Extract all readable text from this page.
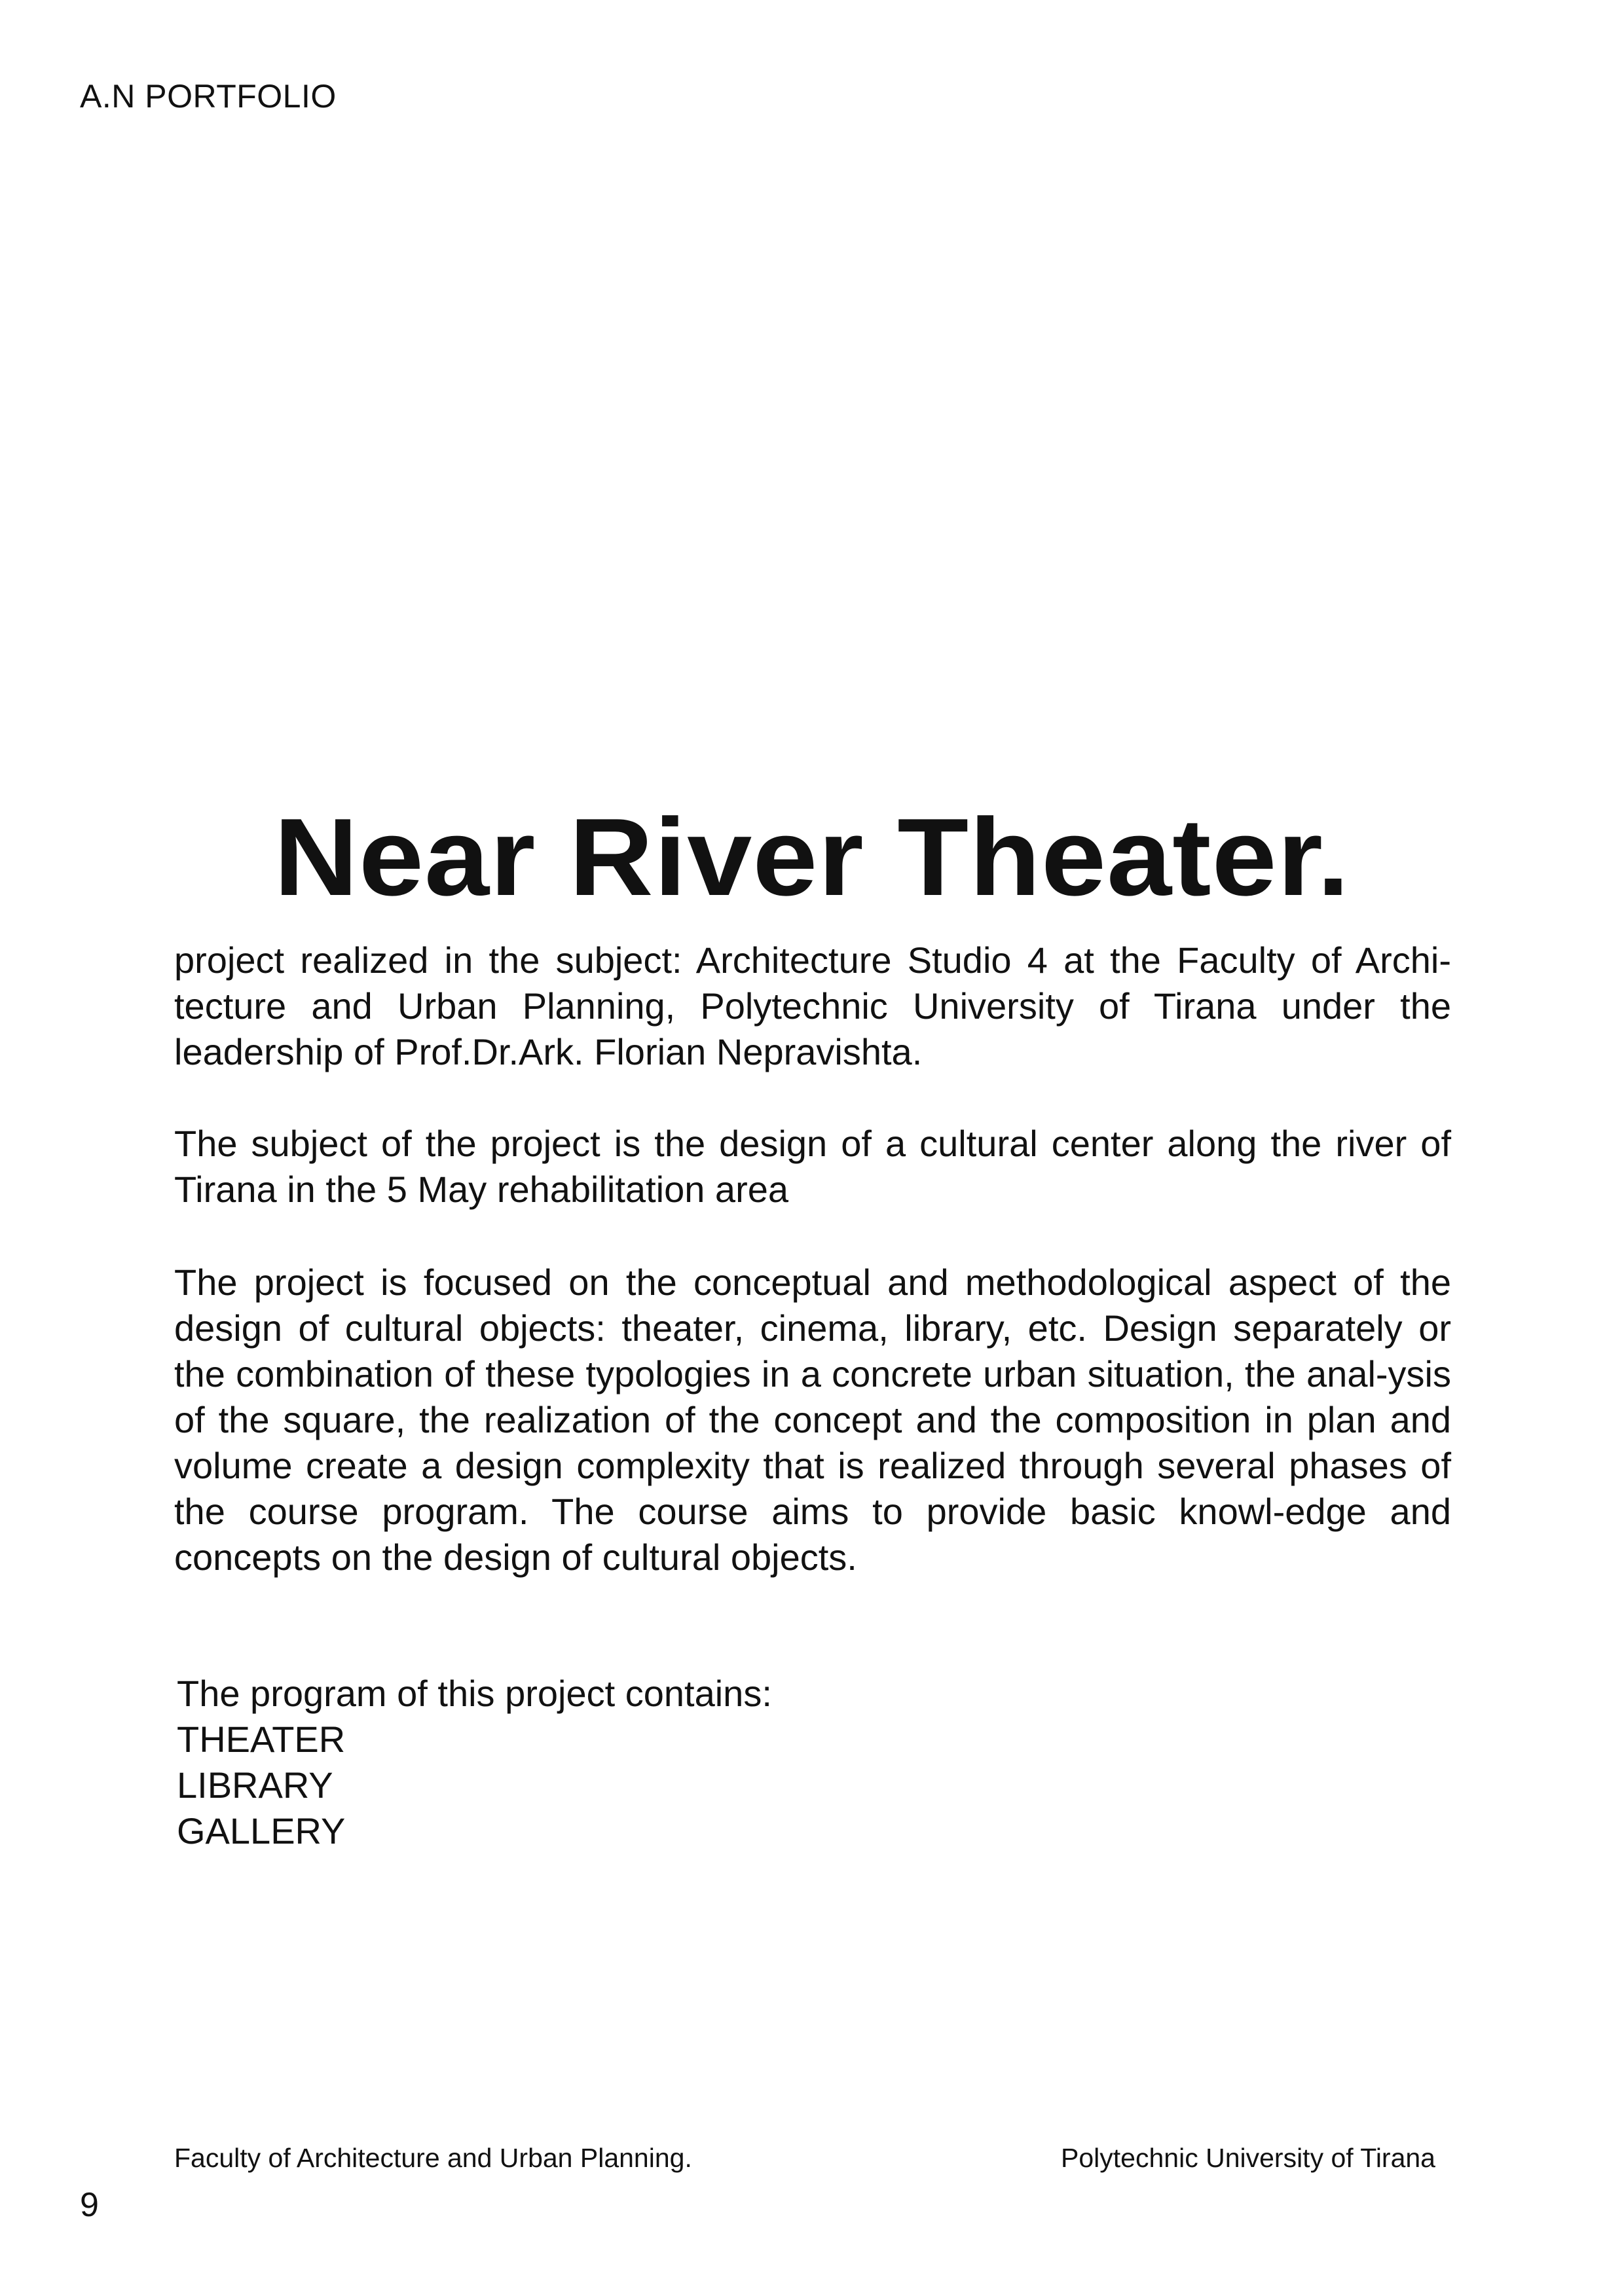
A.N PORTFOLIO
Near River Theater.
project realized in the subject: Architecture Studio 4 at the Faculty of Archi-tecture and Urban Planning, Polytechnic University of Tirana under the leadership of Prof.Dr.Ark. Florian Nepravishta.
The subject of the project is the design of a cultural center along the river of Tirana in the 5 May rehabilitation area
The project is focused on the conceptual and methodological aspect of the design of cultural objects: theater, cinema, library, etc. Design separately or the combination of these typologies in a concrete urban situation, the anal-ysis of the square, the realization of the concept and the composition in plan and volume create a design complexity that is realized through several phases of the course program. The course aims to provide basic knowl-edge and concepts on the design of cultural objects.
The program of this project contains:
THEATER
LIBRARY
GALLERY
Faculty of Architecture and Urban Planning.	Polytechnic University of Tirana
9
